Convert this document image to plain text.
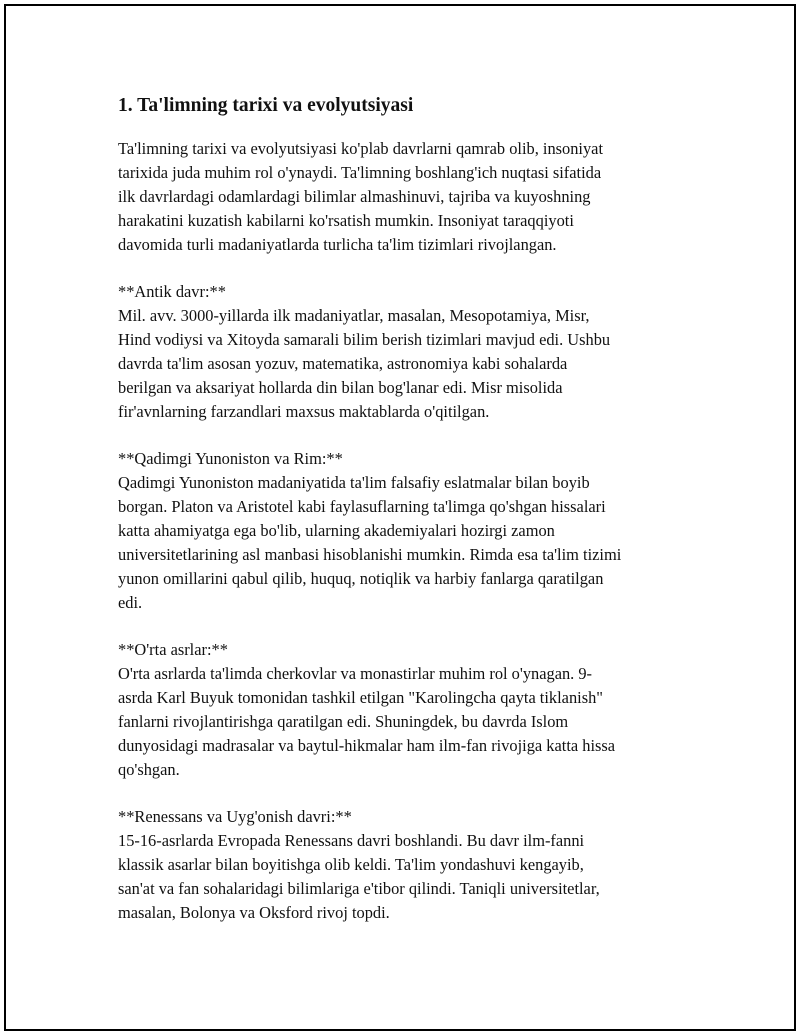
1. Ta'limning tarixi va evolyutsiyasi
Ta'limning tarixi va evolyutsiyasi ko'plab davrlarni qamrab olib, insoniyat
tarixida juda muhim rol o'ynaydi. Ta'limning boshlang'ich nuqtasi sifatida
ilk davrlardagi odamlardagi bilimlar almashinuvi, tajriba va kuyoshning
harakatini kuzatish kabilarni ko'rsatish mumkin. Insoniyat taraqqiyoti
davomida turli madaniyatlarda turlicha ta'lim tizimlari rivojlangan.
**Antik davr:**
Mil. avv. 3000-yillarda ilk madaniyatlar, masalan, Mesopotamiya, Misr,
Hind vodiysi va Xitoyda samarali bilim berish tizimlari mavjud edi. Ushbu
davrda ta'lim asosan yozuv, matematika, astronomiya kabi sohalarda
berilgan va aksariyat hollarda din bilan bog'lanar edi. Misr misolida
fir'avnlarning farzandlari maxsus maktablarda o'qitilgan.
**Qadimgi Yunoniston va Rim:**
Qadimgi Yunoniston madaniyatida ta'lim falsafiy eslatmalar bilan boyib
borgan. Platon va Aristotel kabi faylasuflarning ta'limga qo'shgan hissalari
katta ahamiyatga ega bo'lib, ularning akademiyalari hozirgi zamon
universitetlarining asl manbasi hisoblanishi mumkin. Rimda esa ta'lim tizimi
yunon omillarini qabul qilib, huquq, notiqlik va harbiy fanlarga qaratilgan
edi.
**O'rta asrlar:**
O'rta asrlarda ta'limda cherkovlar va monastirlar muhim rol o'ynagan. 9-
asrda Karl Buyuk tomonidan tashkil etilgan "Karolingcha qayta tiklanish"
fanlarni rivojlantirishga qaratilgan edi. Shuningdek, bu davrda Islom
dunyosidagi madrasalar va baytul-hikmalar ham ilm-fan rivojiga katta hissa
qo'shgan.
**Renessans va Uyg'onish davri:**
15-16-asrlarda Evropada Renessans davri boshlandi. Bu davr ilm-fanni
klassik asarlar bilan boyitishga olib keldi. Ta'lim yondashuvi kengayib,
san'at va fan sohalaridagi bilimlariga e'tibor qilindi. Taniqli universitetlar,
masalan, Bolonya va Oksford rivoj topdi.
